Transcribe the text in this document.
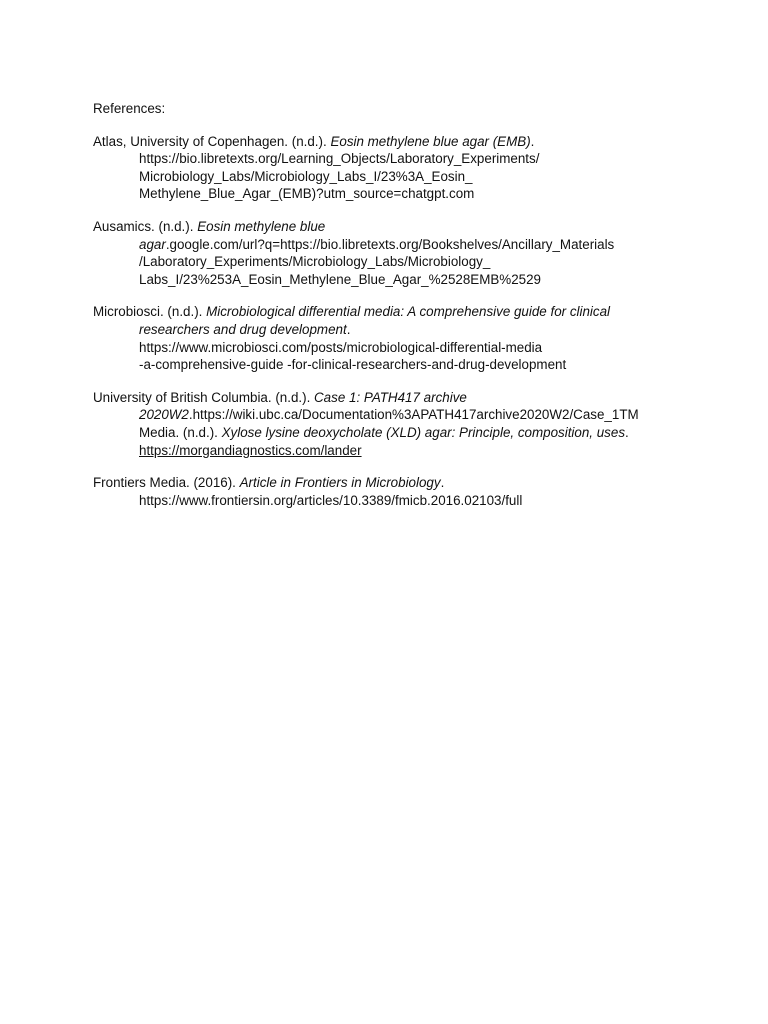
References:
Atlas, University of Copenhagen. (n.d.). Eosin methylene blue agar (EMB).
https://bio.libretexts.org/Learning_Objects/Laboratory_Experiments/
Microbiology_Labs/Microbiology_Labs_I/23%3A_Eosin_
Methylene_Blue_Agar_(EMB)?utm_source=chatgpt.com
Ausamics. (n.d.). Eosin methylene blue
agar.google.com/url?q=https://bio.libretexts.org/Bookshelves/Ancillary_Materials
/Laboratory_Experiments/Microbiology_Labs/Microbiology_
Labs_I/23%253A_Eosin_Methylene_Blue_Agar_%2528EMB%2529
Microbiosci. (n.d.). Microbiological differential media: A comprehensive guide for clinical
researchers and drug development.
https://www.microbiosci.com/posts/microbiological-differential-media
-a-comprehensive-guide -for-clinical-researchers-and-drug-development
University of British Columbia. (n.d.). Case 1: PATH417 archive
2020W2.https://wiki.ubc.ca/Documentation%3APATH417archive2020W2/Case_1TM
Media. (n.d.). Xylose lysine deoxycholate (XLD) agar: Principle, composition, uses.
https://morgandiagnostics.com/lander
Frontiers Media. (2016). Article in Frontiers in Microbiology.
https://www.frontiersin.org/articles/10.3389/fmicb.2016.02103/full
